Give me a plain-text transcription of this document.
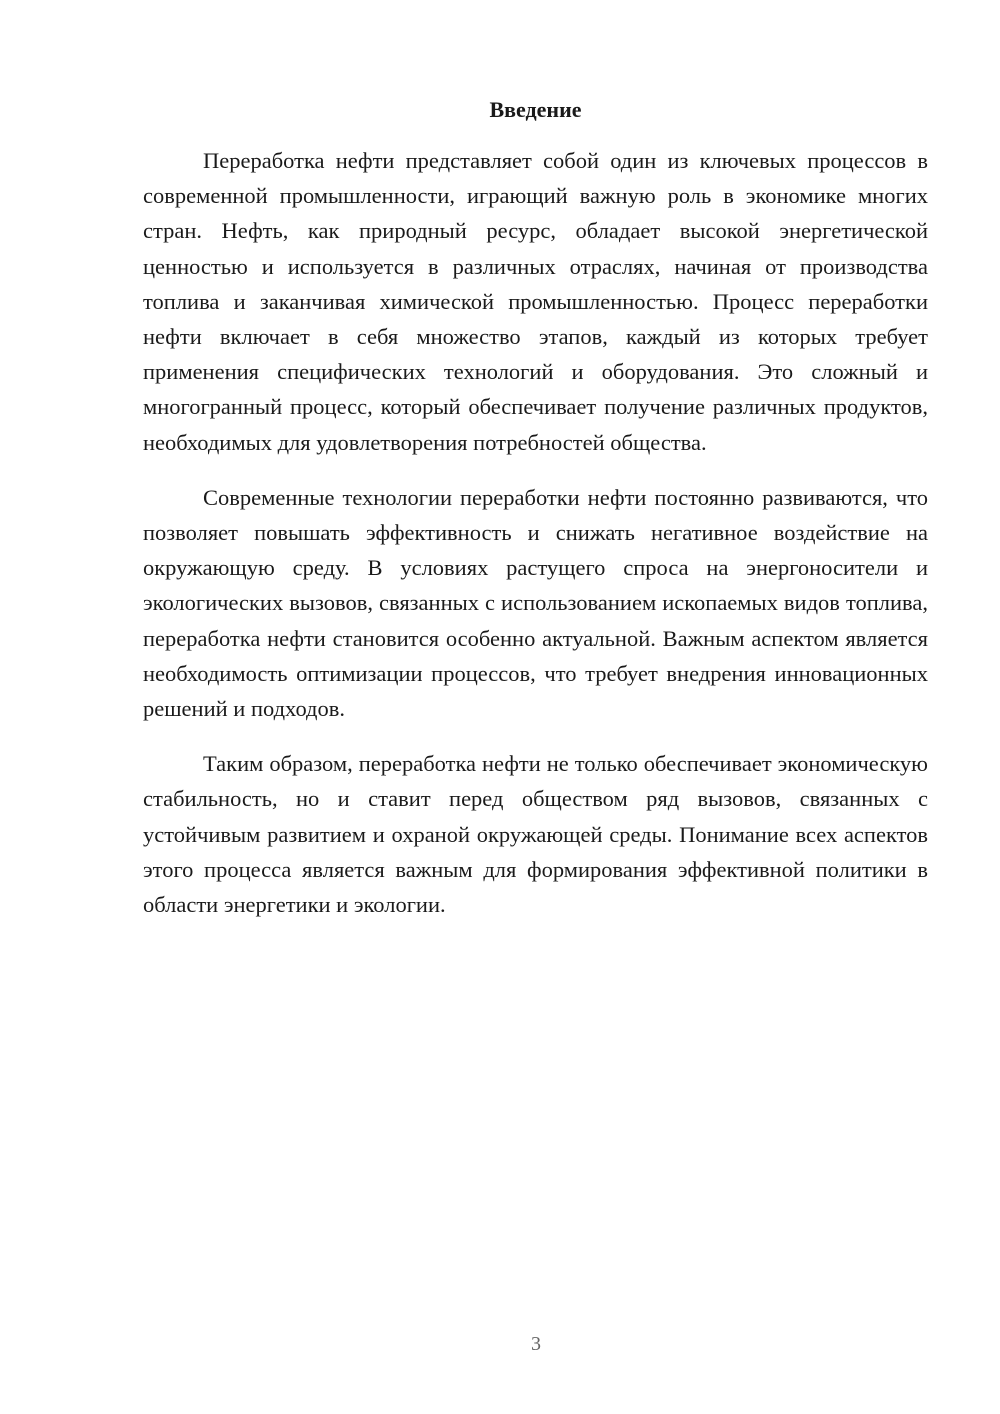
Введение

Переработка нефти представляет собой один из ключевых процессов в современной промышленности, играющий важную роль в экономике многих стран. Нефть, как природный ресурс, обладает высокой энергетической ценностью и используется в различных отраслях, начиная от производства топлива и заканчивая химической промышленностью. Процесс переработки нефти включает в себя множество этапов, каждый из которых требует применения специфических технологий и оборудования. Это сложный и многогранный процесс, который обеспечивает получение различных продуктов, необходимых для удовлетворения потребностей общества.

Современные технологии переработки нефти постоянно развиваются, что позволяет повышать эффективность и снижать негативное воздействие на окружающую среду. В условиях растущего спроса на энергоносители и экологических вызовов, связанных с использованием ископаемых видов топлива, переработка нефти становится особенно актуальной. Важным аспектом является необходимость оптимизации процессов, что требует внедрения инновационных решений и подходов.

Таким образом, переработка нефти не только обеспечивает экономическую стабильность, но и ставит перед обществом ряд вызовов, связанных с устойчивым развитием и охраной окружающей среды. Понимание всех аспектов этого процесса является важным для формирования эффективной политики в области энергетики и экологии.

3
